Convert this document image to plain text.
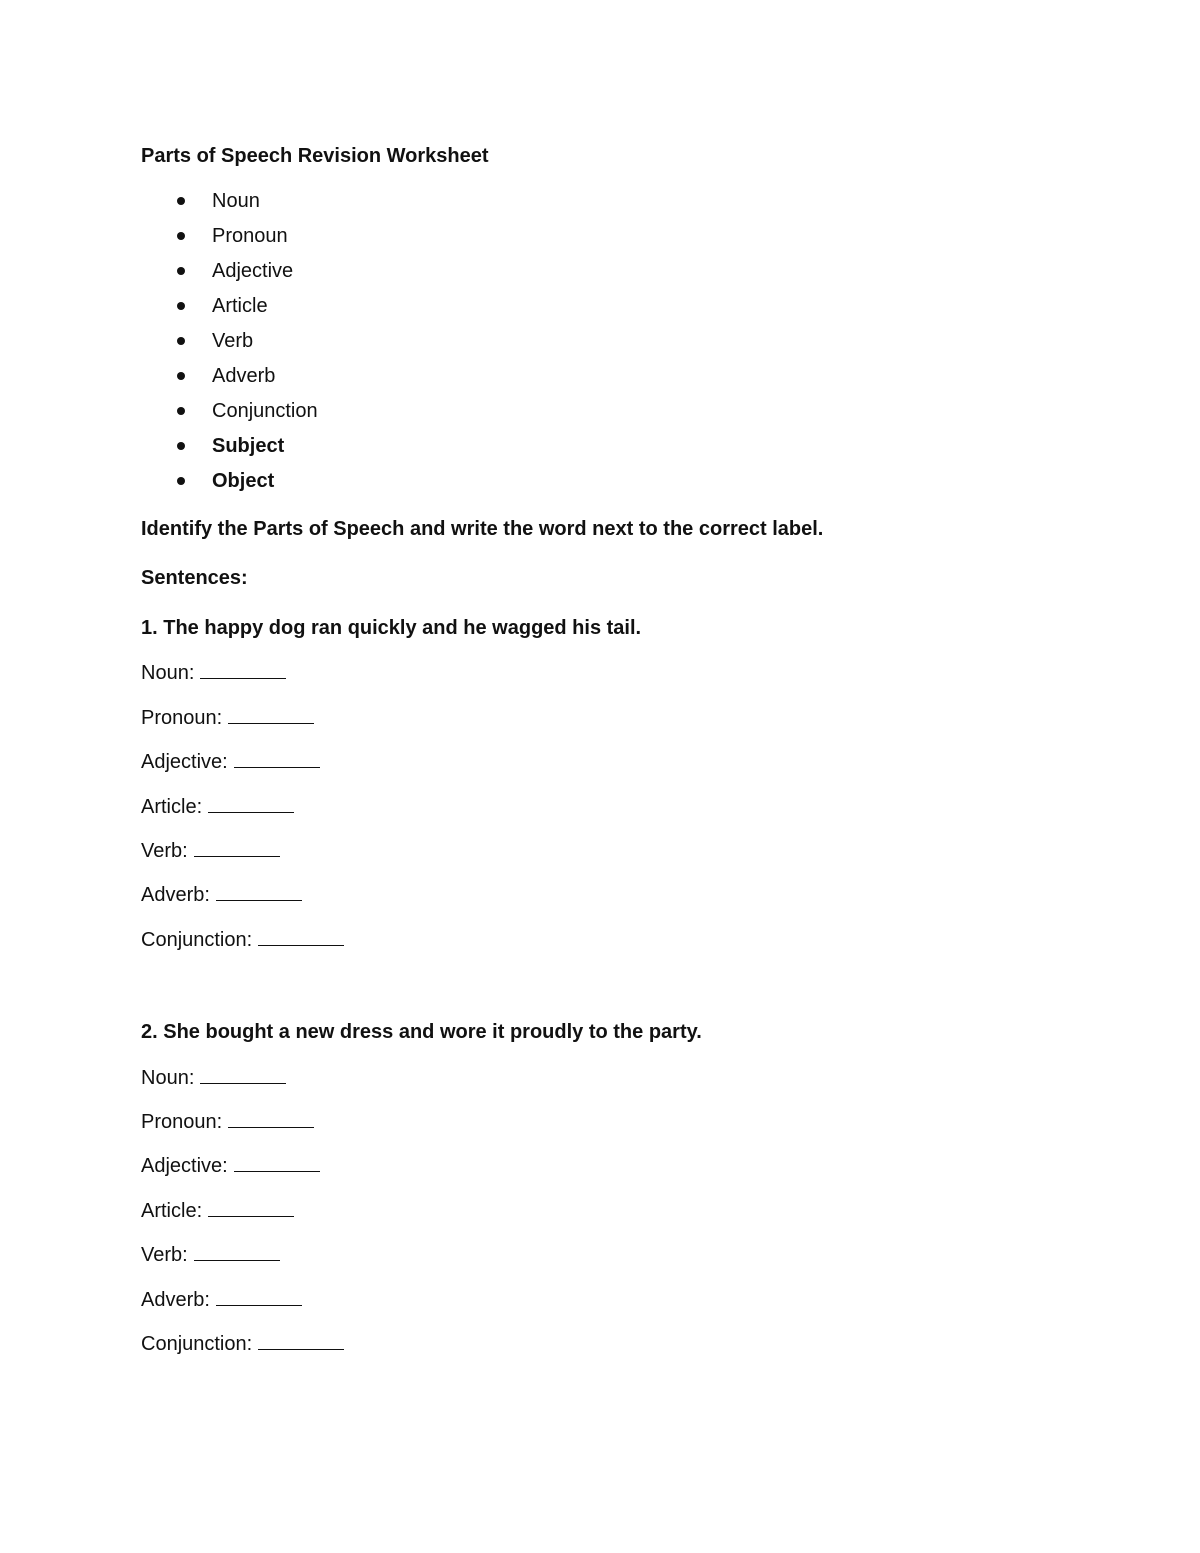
Parts of Speech Revision Worksheet
Noun
Pronoun
Adjective
Article
Verb
Adverb
Conjunction
Subject
Object
Identify the Parts of Speech and write the word next to the correct label.
Sentences:
1. The happy dog ran quickly and he wagged his tail.
Noun:
Pronoun:
Adjective:
Article:
Verb:
Adverb:
Conjunction:
2. She bought a new dress and wore it proudly to the party.
Noun:
Pronoun:
Adjective:
Article:
Verb:
Adverb:
Conjunction:
